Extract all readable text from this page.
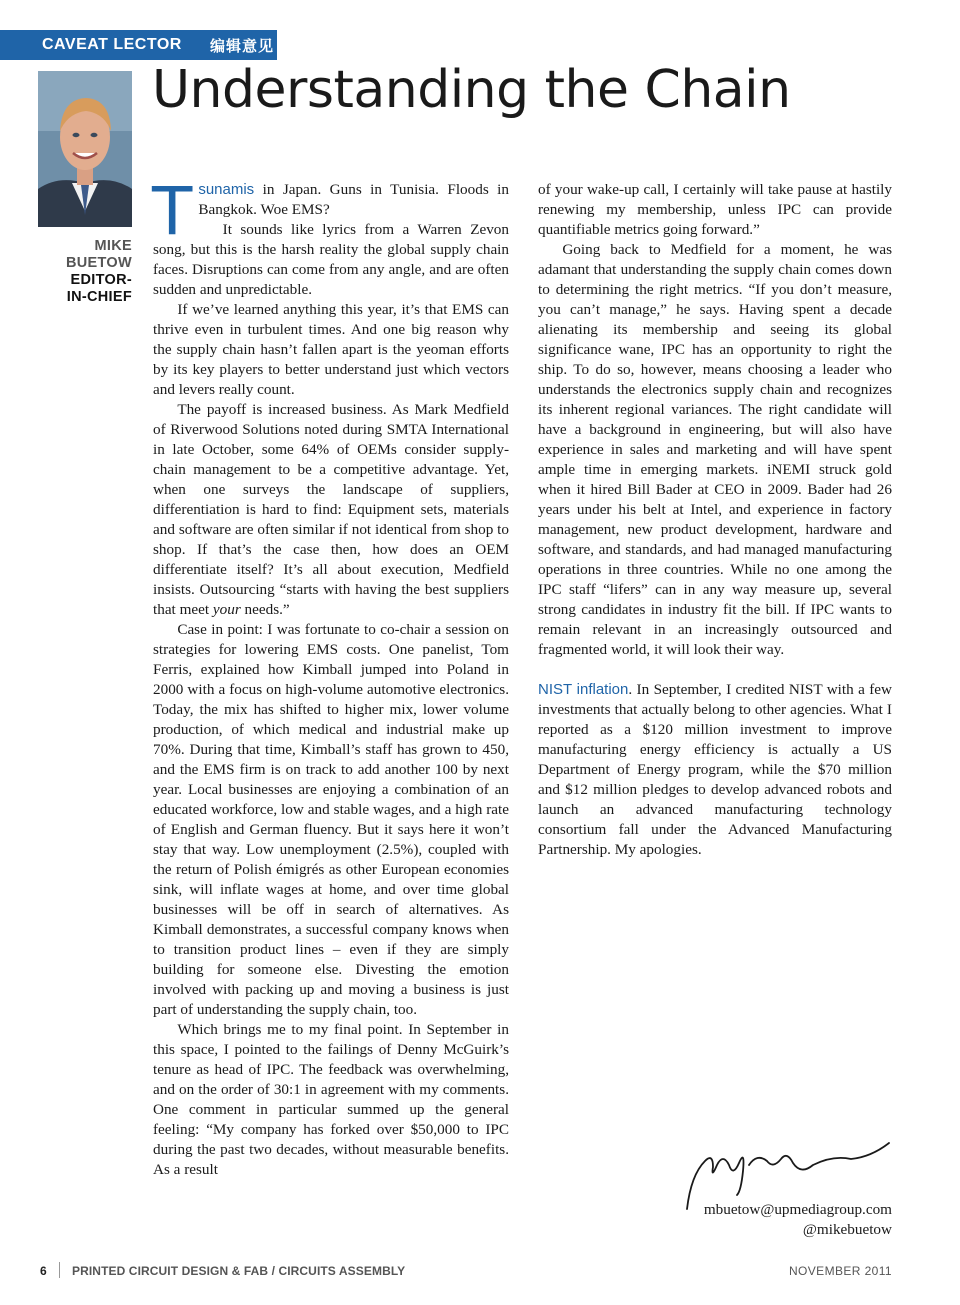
CAVEAT LECTOR 编辑意见
Understanding the Chain
MIKE
BUETOW
EDITOR-
IN-CHIEF

Tsunamis in Japan. Guns in Tunisia. Floods in Bangkok. Woe EMS?

It sounds like lyrics from a Warren Zevon song, but this is the harsh reality the global supply chain faces. Disruptions can come from any angle, and are often sudden and unpredictable.

If we’ve learned anything this year, it’s that EMS can thrive even in turbulent times. And one big reason why the supply chain hasn’t fallen apart is the yeoman efforts by its key players to better understand just which vectors and levers really count.

The payoff is increased business. As Mark Medfield of Riverwood Solutions noted during SMTA International in late October, some 64% of OEMs consider supply-chain management to be a competitive advantage. Yet, when one surveys the landscape of suppliers, differentiation is hard to find: Equipment sets, materials and software are often similar if not identical from shop to shop. If that’s the case then, how does an OEM differentiate itself? It’s all about execution, Medfield insists. Outsourcing “starts with having the best suppliers that meet your needs.”

Case in point: I was fortunate to co-chair a session on strategies for lowering EMS costs. One panelist, Tom Ferris, explained how Kimball jumped into Poland in 2000 with a focus on high-volume automotive electronics. Today, the mix has shifted to higher mix, lower volume production, of which medical and industrial make up 70%. During that time, Kimball’s staff has grown to 450, and the EMS firm is on track to add another 100 by next year. Local businesses are enjoying a combination of an educated workforce, low and stable wages, and a high rate of English and German fluency. But it says here it won’t stay that way. Low unemployment (2.5%), coupled with the return of Polish émigrés as other European economies sink, will inflate wages at home, and over time global businesses will be off in search of alternatives. As Kimball demonstrates, a successful company knows when to transition product lines – even if they are simply building for someone else. Divesting the emotion involved with packing up and moving a business is just part of understanding the supply chain, too.

Which brings me to my final point. In September in this space, I pointed to the failings of Denny McGuirk’s tenure as head of IPC. The feedback was overwhelming, and on the order of 30:1 in agreement with my comments. One comment in particular summed up the general feeling: “My company has forked over $50,000 to IPC during the past two decades, without measurable benefits. As a result

of your wake-up call, I certainly will take pause at hastily renewing my membership, unless IPC can provide quantifiable metrics going forward.”

Going back to Medfield for a moment, he was adamant that understanding the supply chain comes down to determining the right metrics. “If you don’t measure, you can’t manage,” he says. Having spent a decade alienating its membership and seeing its global significance wane, IPC has an opportunity to right the ship. To do so, however, means choosing a leader who understands the electronics supply chain and recognizes its inherent regional variances. The right candidate will have a background in engineering, but will also have experience in sales and marketing and will have spent ample time in emerging markets. iNEMI struck gold when it hired Bill Bader at CEO in 2009. Bader had 26 years under his belt at Intel, and experience in factory management, new product development, hardware and software, and standards, and had managed manufacturing operations in three countries. While no one among the IPC staff “lifers” can in any way measure up, several strong candidates in industry fit the bill. If IPC wants to remain relevant in an increasingly outsourced and fragmented world, it will look their way.

NIST inflation. In September, I credited NIST with a few investments that actually belong to other agencies. What I reported as a $120 million investment to improve manufacturing energy efficiency is actually a US Department of Energy program, while the $70 million and $12 million pledges to develop advanced robots and launch an advanced manufacturing technology consortium fall under the Advanced Manufacturing Partnership. My apologies.

mbuetow@upmediagroup.com
@mikebuetow
6 PRINTED CIRCUIT DESIGN & FAB / CIRCUITS ASSEMBLY	NOVEMBER 2011
